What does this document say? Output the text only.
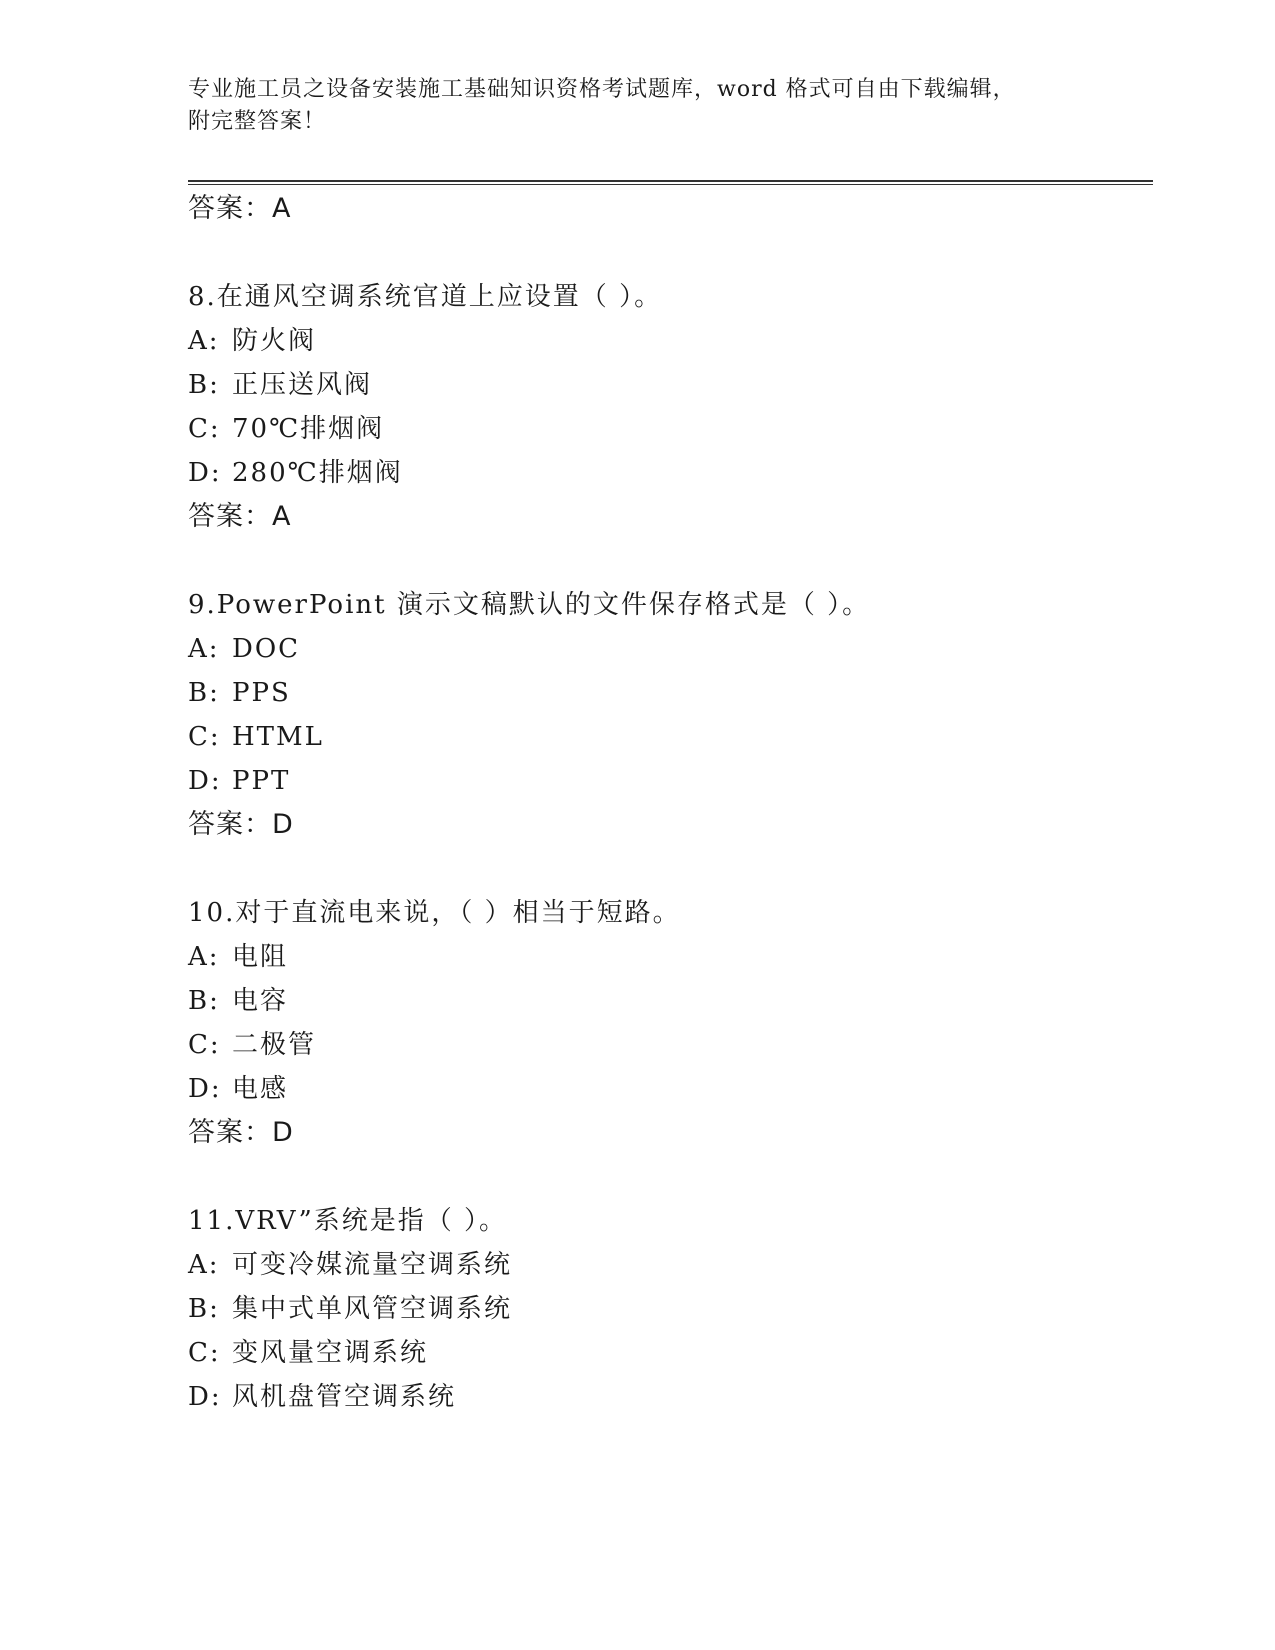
专业施工员之设备安装施工基础知识资格考试题库，word 格式可自由下载编辑，
附完整答案！
答案：A
8.在通风空调系统官道上应设置（ ）。
A: 防火阀
B: 正压送风阀
C: 70℃排烟阀
D: 280℃排烟阀
答案：A
9.PowerPoint 演示文稿默认的文件保存格式是（ ）。
A: DOC
B: PPS
C: HTML
D: PPT
答案：D
10.对于直流电来说，（ ）相当于短路。
A: 电阻
B: 电容
C: 二极管
D: 电感
答案：D
11.VRV”系统是指（ ）。
A: 可变冷媒流量空调系统
B: 集中式单风管空调系统
C: 变风量空调系统
D: 风机盘管空调系统
